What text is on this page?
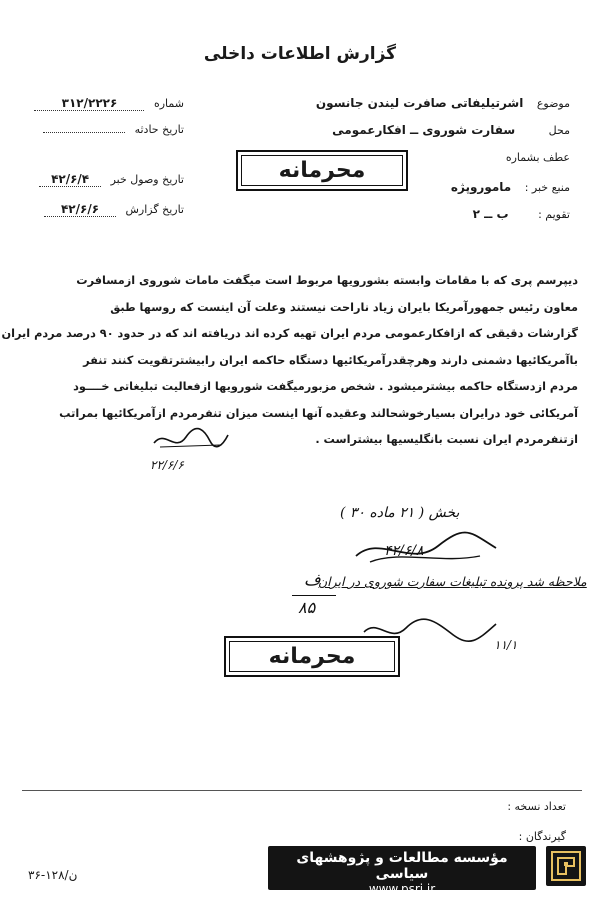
گزارش اطلاعات داخلی
موضوع اشرتیلیفاتی صافرت لیندن جانسون
محل سفارت شوروی ــ افکارعمومی
عطف بشماره
منبع خبر : ماموروپژه
تقویم : ب ــ ۲
شماره ۳۱۲/۲۲۲۶
تاریخ حادثه
تاریخ وصول خبر ۴۲/۶/۴
تاریخ گزارش ۴۲/۶/۶
محرمانه

دیپرسم پری که با مقامات وابسته بشورویها مربوط است میگفت مامات شوروی ازمسافرت

معاون رئیس جمهورآمریکا بایران زیاد ناراحت نیستند وعلت آن اینست که روسها طبق

گزارشات دقیقی که ازافکارعمومی مردم ایران تهیه کرده اند دریافته اند که در حدود ۹۰ درصد مردم ایران

باآمریکائیها دشمنی دارند وهرچقدرآمریکائیها دستگاه حاکمه ایران رابیشترتقویت کنند تنفر

مردم ازدستگاه حاکمه بیشترمیشود . شخص مزبورمیگفت شورویها ازفعالیت تبلیغاتی خــــود

آمریکائی خود درایران بسیارخوشحالند وعقیده آنها اینست میزان تنفرمردم ازآمریکائیها بمراتب

ازتنفرمردم ایران نسبت بانگلیسیها بیشتراست .

۲۲/۶/۶
بخش ( ۲۱ ماده ۳۰ )
۴۲/۶/۸
ملاحظه شد پرونده تبلیغات سفارت شوروی در ایران
ف
۸۵
۱۱/۱
محرمانه
تعداد نسخه :
گیرندگان :
۳۶-۱۲۸/ن
مؤسسه مطالعات و پژوهشهای سیاسی
www.psri.ir
